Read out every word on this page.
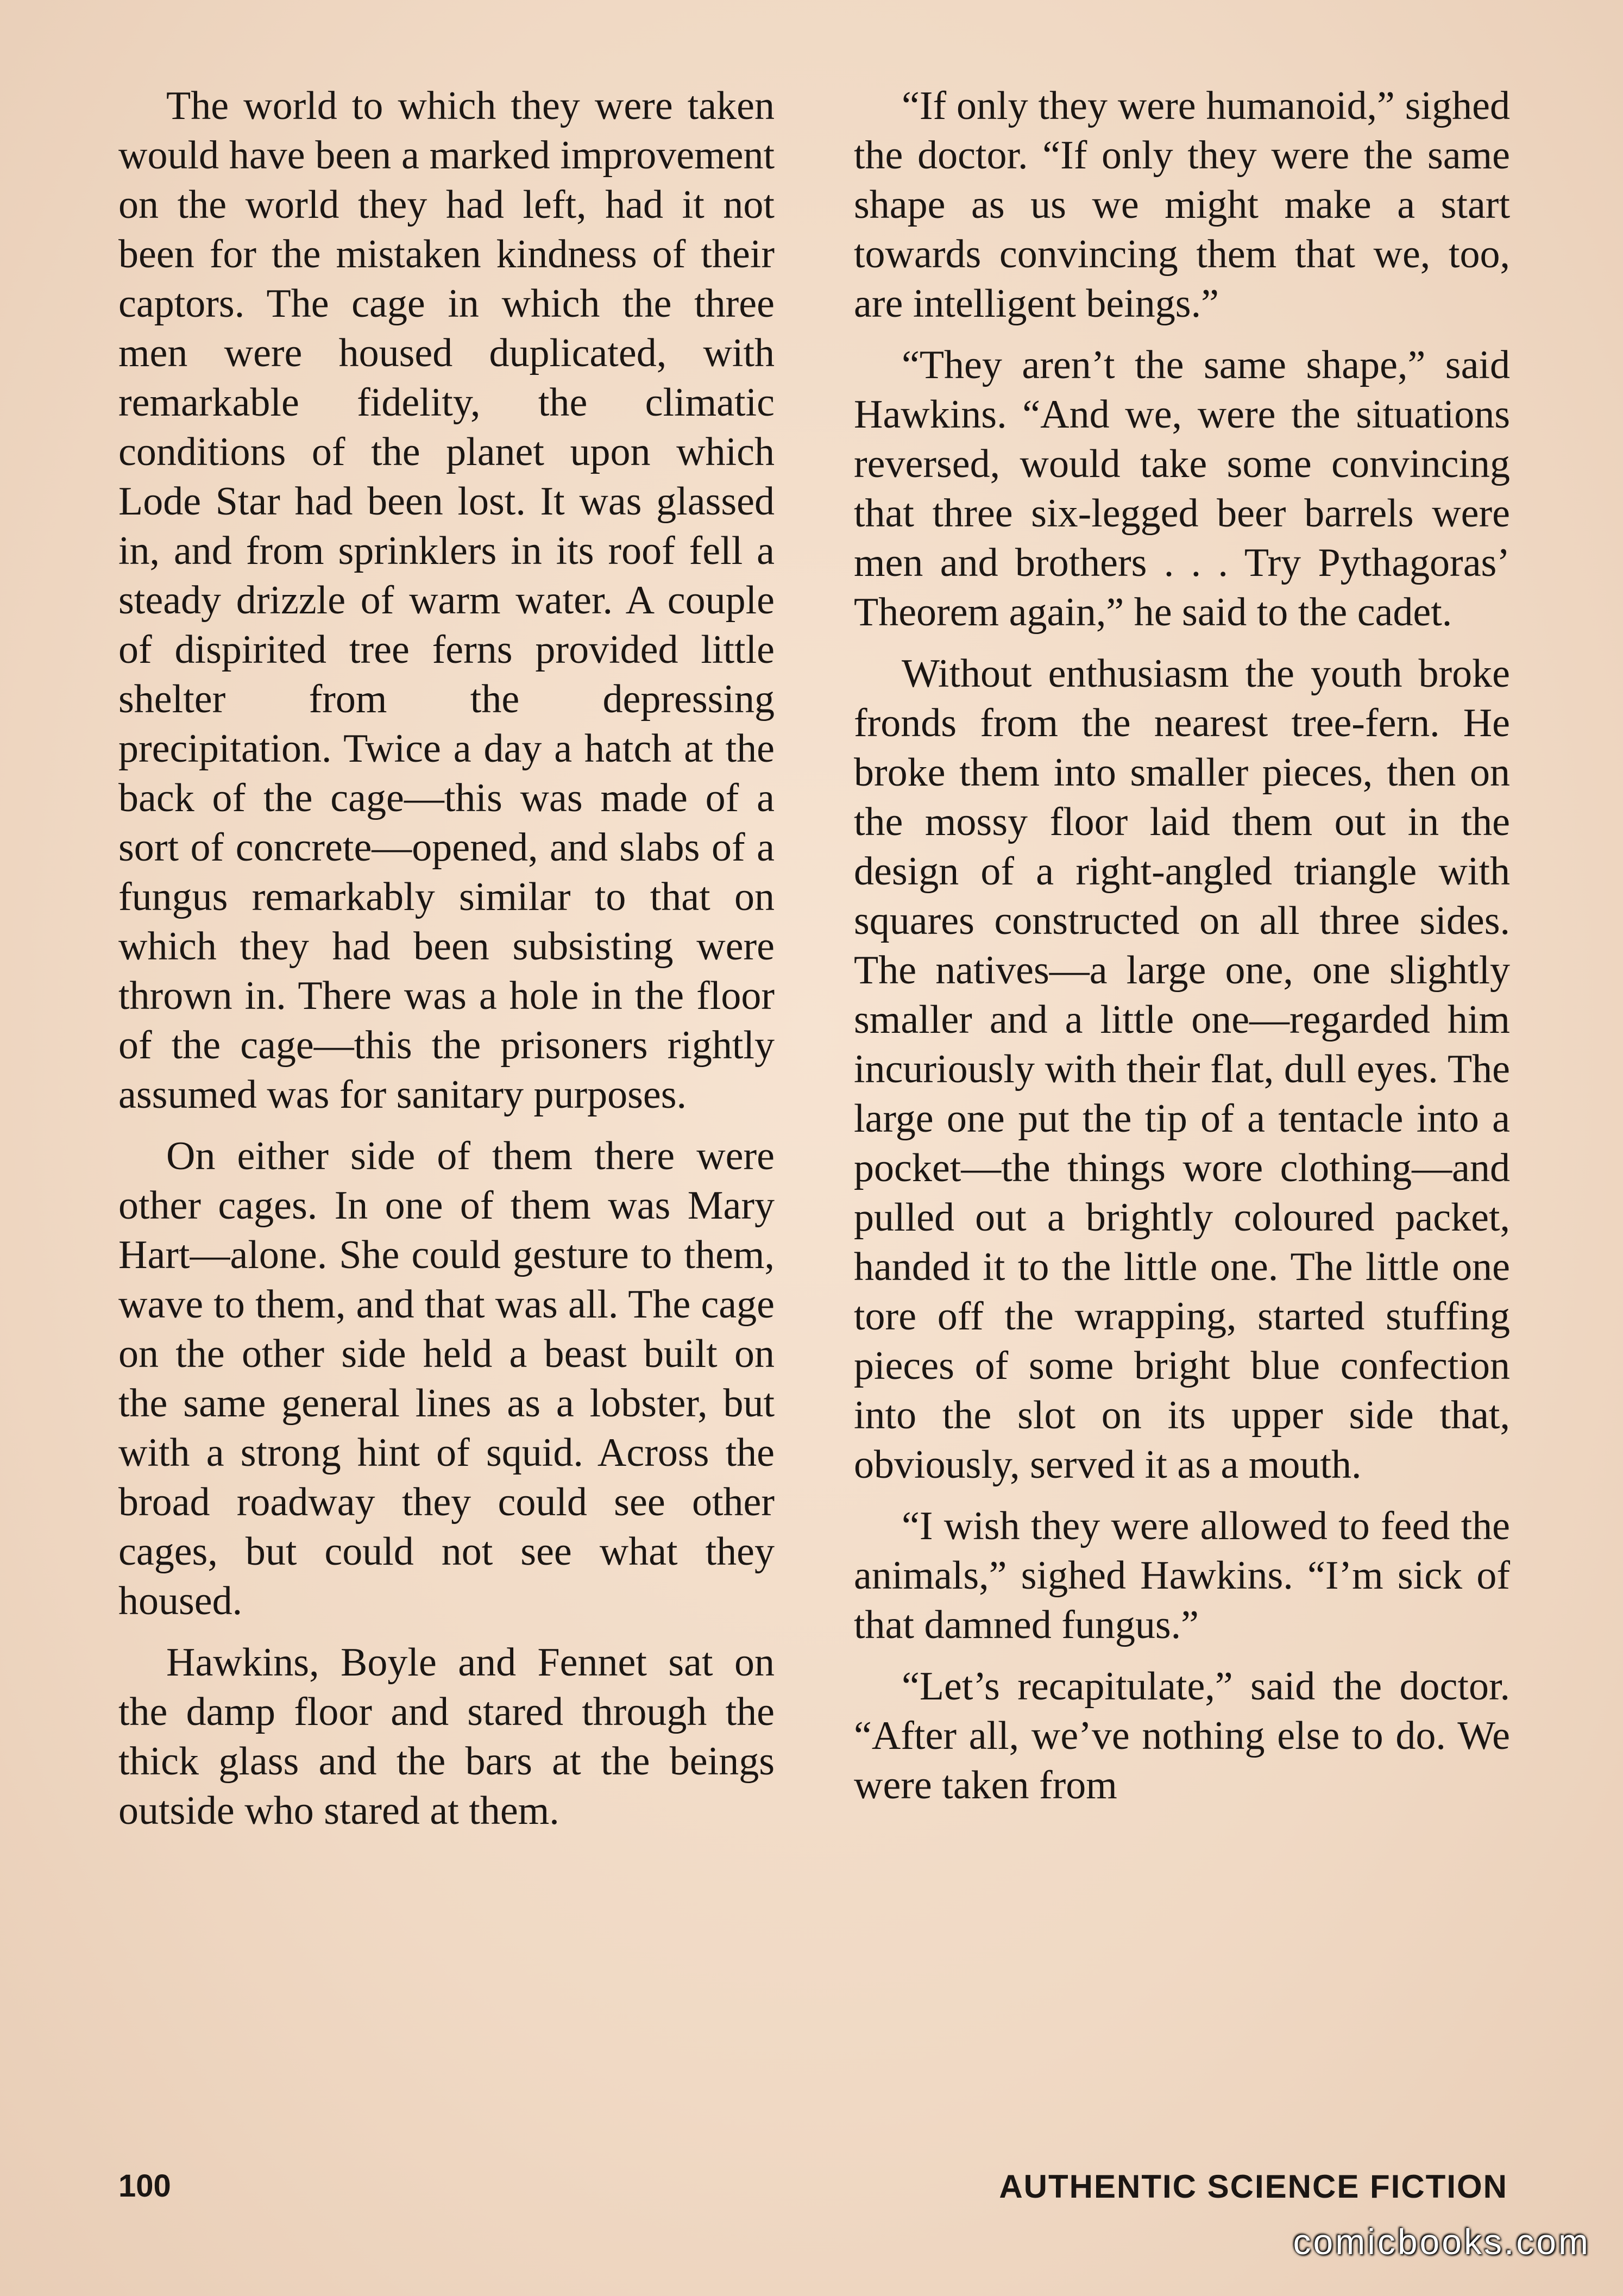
The world to which they were taken would have been a marked improvement on the world they had left, had it not been for the mistaken kindness of their captors. The cage in which the three men were housed duplicated, with remarkable fidelity, the climatic conditions of the planet upon which Lode Star had been lost. It was glassed in, and from sprinklers in its roof fell a steady drizzle of warm water. A couple of dispirited tree ferns provided little shelter from the depressing precipitation. Twice a day a hatch at the back of the cage—this was made of a sort of concrete—opened, and slabs of a fungus remarkably similar to that on which they had been subsisting were thrown in. There was a hole in the floor of the cage—this the prisoners rightly assumed was for sanitary purposes.

On either side of them there were other cages. In one of them was Mary Hart—alone. She could gesture to them, wave to them, and that was all. The cage on the other side held a beast built on the same general lines as a lobster, but with a strong hint of squid. Across the broad roadway they could see other cages, but could not see what they housed.

Hawkins, Boyle and Fennet sat on the damp floor and stared through the thick glass and the bars at the beings outside who stared at them.

“If only they were humanoid,” sighed the doctor. “If only they were the same shape as us we might make a start towards convincing them that we, too, are intelligent beings.”

“They aren’t the same shape,” said Hawkins. “And we, were the situations reversed, would take some convincing that three six-legged beer barrels were men and brothers . . . Try Pythagoras’ Theorem again,” he said to the cadet.

Without enthusiasm the youth broke fronds from the nearest tree-fern. He broke them into smaller pieces, then on the mossy floor laid them out in the design of a right-angled triangle with squares constructed on all three sides. The natives—a large one, one slightly smaller and a little one—regarded him incuriously with their flat, dull eyes. The large one put the tip of a tentacle into a pocket—the things wore clothing—and pulled out a brightly coloured packet, handed it to the little one. The little one tore off the wrapping, started stuffing pieces of some bright blue confection into the slot on its upper side that, obviously, served it as a mouth.

“I wish they were allowed to feed the animals,” sighed Hawkins. “I’m sick of that damned fungus.”

“Let’s recapitulate,” said the doctor. “After all, we’ve nothing else to do. We were taken from

100	AUTHENTIC SCIENCE FICTION
comicbooks.com
